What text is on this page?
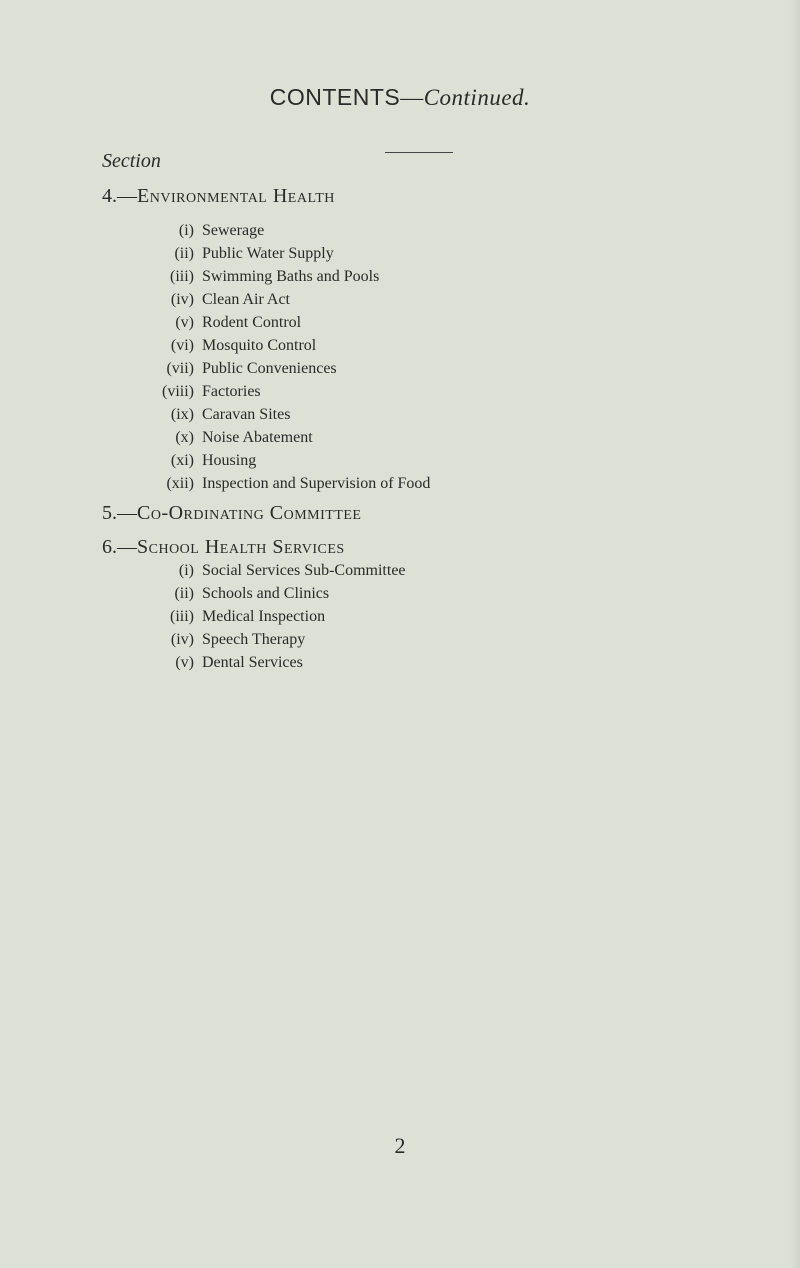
CONTENTS—Continued.
Section
4.—Environmental Health
(i) Sewerage
(ii) Public Water Supply
(iii) Swimming Baths and Pools
(iv) Clean Air Act
(v) Rodent Control
(vi) Mosquito Control
(vii) Public Conveniences
(viii) Factories
(ix) Caravan Sites
(x) Noise Abatement
(xi) Housing
(xii) Inspection and Supervision of Food
5.—Co-Ordinating Committee
6.—School Health Services
(i) Social Services Sub-Committee
(ii) Schools and Clinics
(iii) Medical Inspection
(iv) Speech Therapy
(v) Dental Services
2
